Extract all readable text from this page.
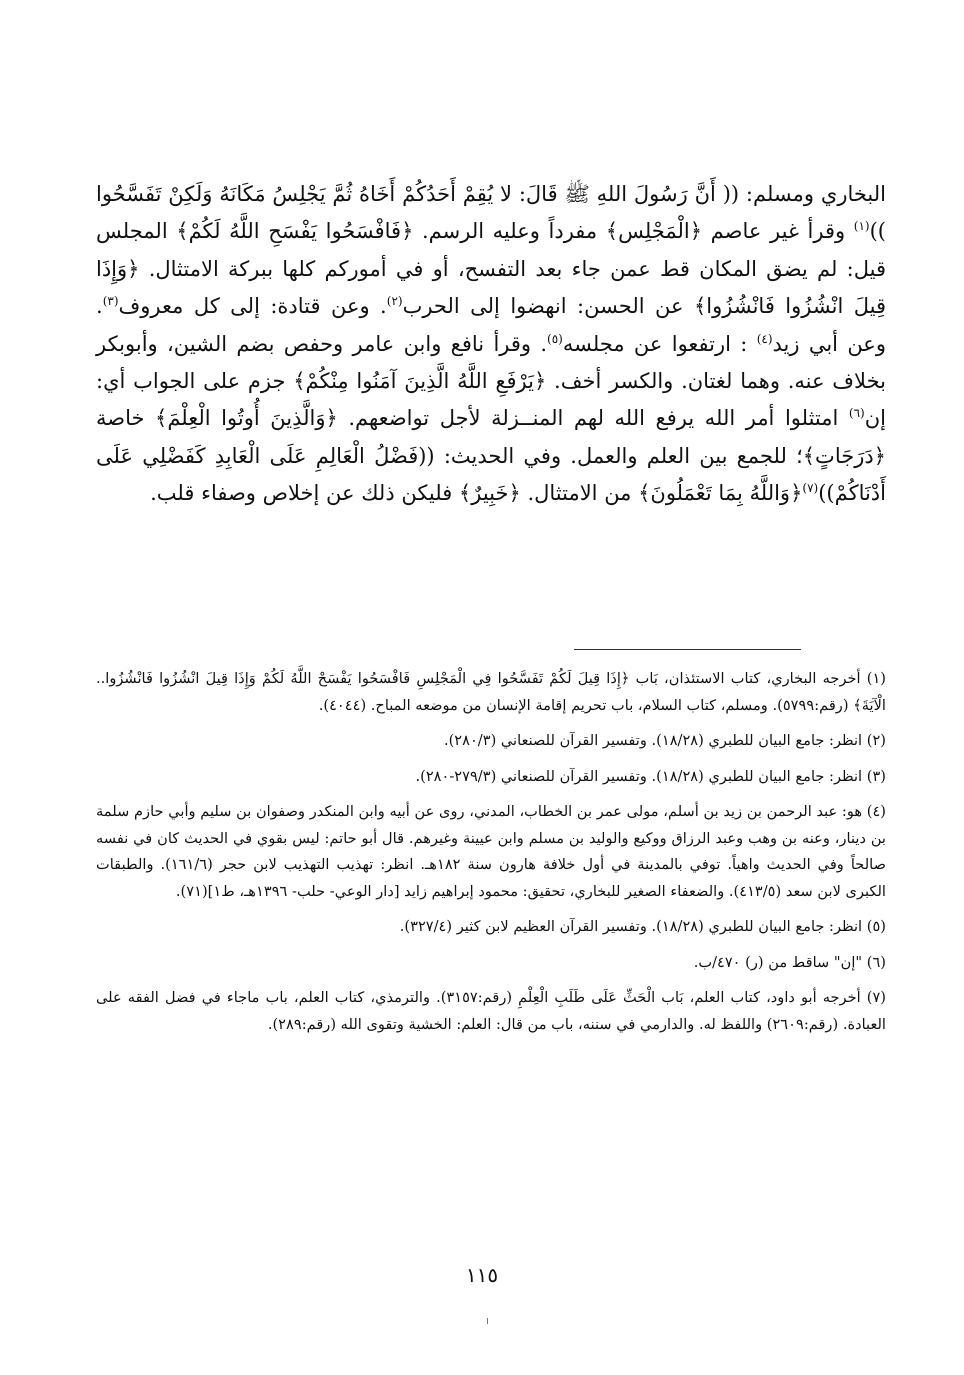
البخاري ومسلم: (( أَنَّ رَسُولَ اللهِ ﷺ قَالَ: لا يُقِمْ أَحَدُكُمْ أَخَاهُ ثُمَّ يَجْلِسُ مَكَانَهُ وَلَكِنْ تَفَسَّحُوا ))$^{(١)}$ وقرأ غير عاصم ﴿الْمَجْلِس﴾ مفرداً وعليه الرسم. ﴿فَافْسَحُوا يَفْسَحِ اللَّهُ لَكُمْ﴾ المجلس قيل: لم يضق المكان قط عمن جاء بعد التفسح، أو في أموركم كلها ببركة الامتثال. ﴿وَإِذَا قِيلَ انْشُزُوا فَانْشُزُوا﴾ عن الحسن: انهضوا إلى الحرب$^{(٢)}$. وعن قتادة: إلى كل معروف$^{(٣)}$. وعن أبي زيد$^{(٤)}$ : ارتفعوا عن مجلسه$^{(٥)}$. وقرأ نافع وابن عامر وحفص بضم الشين، وأبوبكر بخلاف عنه. وهما لغتان. والكسر أخف. ﴿يَرْفَعِ اللَّهُ الَّذِينَ آمَنُوا مِنْكُمْ﴾ جزم على الجواب أي: إن$^{(٦)}$ امتثلوا أمر الله يرفع الله لهم المنــزلة لأجل تواضعهم. ﴿وَالَّذِينَ أُوتُوا الْعِلْمَ﴾ خاصة ﴿دَرَجَاتٍ﴾؛ للجمع بين العلم والعمل. وفي الحديث: ((فَضْلُ الْعَالِمِ عَلَى الْعَابِدِ كَفَضْلِي عَلَى أَدْنَاكُمْ))$^{(٧)}$﴿وَاللَّهُ بِمَا تَعْمَلُونَ﴾ من الامتثال. ﴿خَبِيرٌ﴾ فليكن ذلك عن إخلاص وصفاء قلب.

(١) أخرجه البخاري، كتاب الاستئذان، بَاب ﴿إِذَا قِيلَ لَكُمْ تَفَسَّحُوا فِي الْمَجْلِسِ فَافْسَحُوا يَفْسَحْ اللَّهُ لَكُمْ وَإِذَا قِيلَ انْشُزُوا فَانْشُزُوا.. الْآيَةَ﴾ (رقم:٥٧٩٩). ومسلم، كتاب السلام، باب تحريم إقامة الإنسان من موضعه المباح. (٤٠٤٤).

(٢) انظر: جامع البيان للطبري (١٨/٢٨). وتفسير القرآن للصنعاني (٢٨٠/٣).

(٣) انظر: جامع البيان للطبري (١٨/٢٨). وتفسير القرآن للصنعاني (٢٧٩/٣-٢٨٠).

(٤) هو: عبد الرحمن بن زيد بن أسلم، مولى عمر بن الخطاب، المدني، روى عن أبيه وابن المنكدر وصفوان بن سليم وأبي حازم سلمة بن دينار، وعنه بن وهب وعبد الرزاق ووكيع والوليد بن مسلم وابن عيينة وغيرهم. قال أبو حاتم: ليس بقوي في الحديث كان في نفسه صالحاً وفي الحديث واهياً. توفي بالمدينة في أول خلافة هارون سنة ١٨٢هـ. انظر: تهذيب التهذيب لابن حجر (١٦١/٦). والطبقات الكبرى لابن سعد (٤١٣/٥). والضعفاء الصغير للبخاري، تحقيق: محمود إبراهيم زايد [دار الوعي- حلب- ١٣٩٦هـ، ط١](٧١).

(٥) انظر: جامع البيان للطبري (١٨/٢٨). وتفسير القرآن العظيم لابن كثير (٣٢٧/٤).

(٦) "إن" ساقط من (ر) ٤٧٠/ب.

(٧) أخرجه أبو داود، كتاب العلم، بَاب الْحَثِّ عَلَى طَلَبِ الْعِلْمِ (رقم:٣١٥٧). والترمذي، كتاب العلم، باب ماجاء في فضل الفقه على العبادة. (رقم:٢٦٠٩) واللفظ له. والدارمي في سننه، باب من قال: العلم: الخشية وتقوى الله (رقم:٢٨٩).

١١٥
